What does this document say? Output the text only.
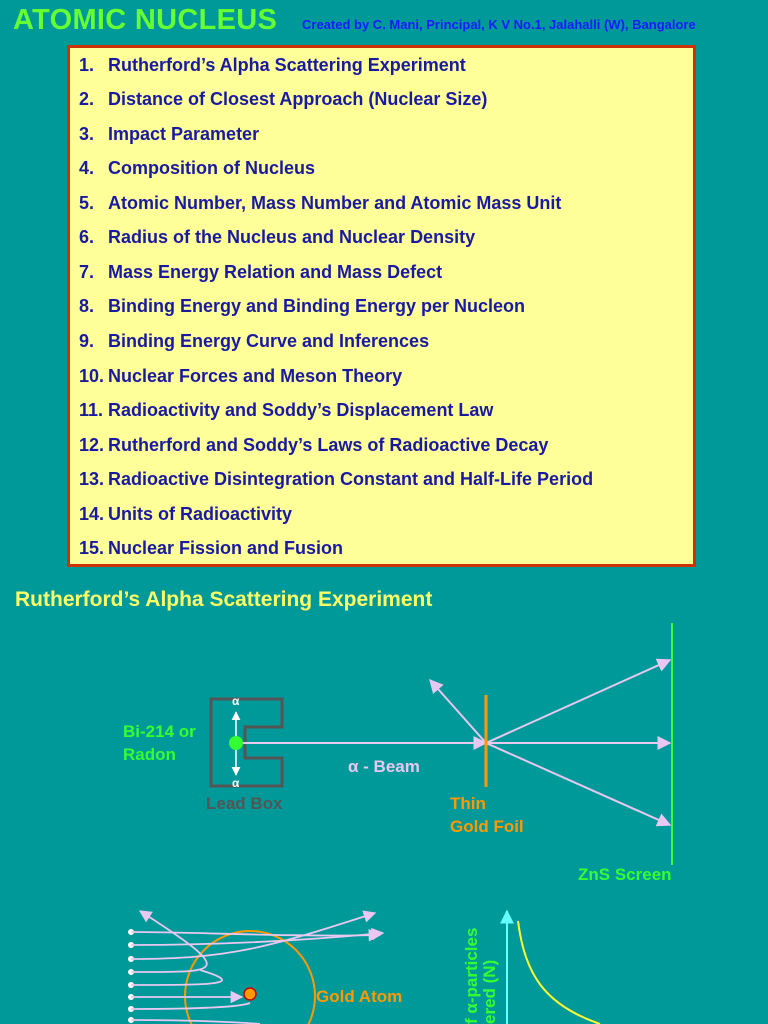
ATOMIC NUCLEUS Created by C. Mani, Principal, K V No.1, Jalahalli (W), Bangalore
1. Rutherford’s Alpha Scattering Experiment
2. Distance of Closest Approach (Nuclear Size)
3. Impact Parameter
4. Composition of Nucleus
5. Atomic Number, Mass Number and Atomic Mass Unit
6. Radius of the Nucleus and Nuclear Density
7. Mass Energy Relation and Mass Defect
8. Binding Energy and Binding Energy per Nucleon
9. Binding Energy Curve and Inferences
10. Nuclear Forces and Meson Theory
11. Radioactivity and Soddy’s Displacement Law
12. Rutherford and Soddy’s Laws of Radioactive Decay
13. Radioactive Disintegration Constant and Half-Life Period
14. Units of Radioactivity
15. Nuclear Fission and Fusion
Rutherford’s Alpha Scattering Experiment
Bi-214 or
Radon
α
α
α - Beam
Lead Box	Thin
Gold Foil
ZnS Screen
Gold Atom	f α-particles ered (N)
